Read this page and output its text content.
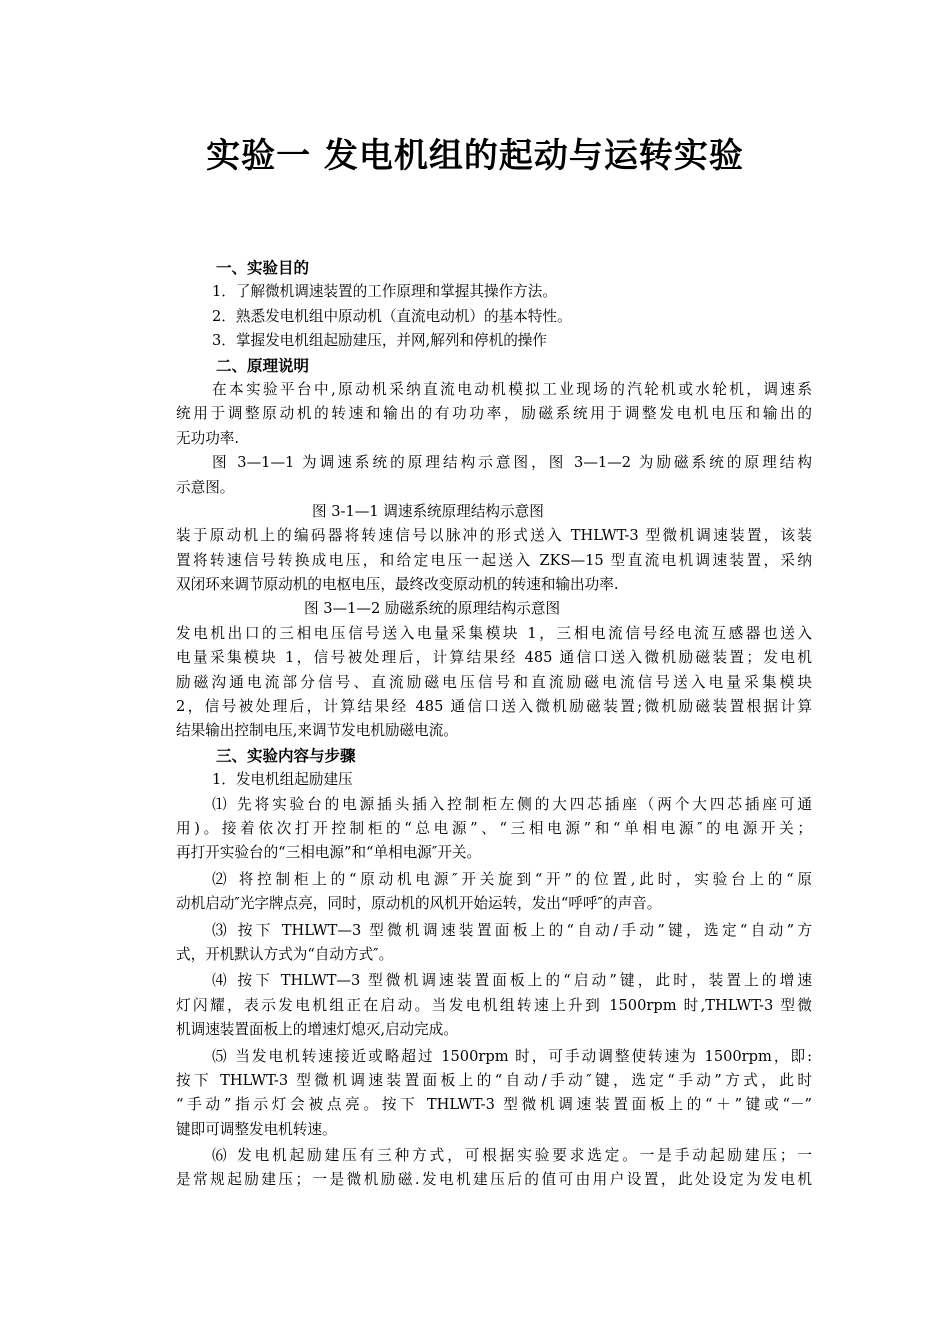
实验一 发电机组的起动与运转实验
一、实验目的
1．了解微机调速装置的工作原理和掌握其操作方法。
2．熟悉发电机组中原动机（直流电动机）的基本特性。
3．掌握发电机组起励建压，并网,解列和停机的操作
二、原理说明
在本实验平台中,原动机采纳直流电动机模拟工业现场的汽轮机或水轮机，调速系
统用于调整原动机的转速和输出的有功功率，励磁系统用于调整发电机电压和输出的
无功功率.
图 3—1—1 为调速系统的原理结构示意图，图 3—1—2 为励磁系统的原理结构
示意图。
图 3-1—1 调速系统原理结构示意图
装于原动机上的编码器将转速信号以脉冲的形式送入 THLWT-3 型微机调速装置，该装
置将转速信号转换成电压，和给定电压一起送入 ZKS—15 型直流电机调速装置，采纳
双闭环来调节原动机的电枢电压，最终改变原动机的转速和输出功率.
图 3—1—2 励磁系统的原理结构示意图
发电机出口的三相电压信号送入电量采集模块 1，三相电流信号经电流互感器也送入
电量采集模块 1，信号被处理后，计算结果经 485 通信口送入微机励磁装置；发电机
励磁沟通电流部分信号、直流励磁电压信号和直流励磁电流信号送入电量采集模块
2，信号被处理后，计算结果经 485 通信口送入微机励磁装置;微机励磁装置根据计算
结果输出控制电压,来调节发电机励磁电流。
三、实验内容与步骤
1．发电机组起励建压
⑴ 先将实验台的电源插头插入控制柜左侧的大四芯插座（两个大四芯插座可通
用)。接着依次打开控制柜的“总电源”、“三相电源”和“单相电源″的电源开关；
再打开实验台的“三相电源”和“单相电源″开关。
⑵ 将控制柜上的“原动机电源″开关旋到“开”的位置,此时，实验台上的“原
动机启动″光字牌点亮，同时，原动机的风机开始运转，发出“呼呼″的声音。
⑶ 按下 THLWT—3 型微机调速装置面板上的“自动/手动”键，选定“自动”方
式，开机默认方式为“自动方式″。
⑷ 按下 THLWT—3 型微机调速装置面板上的“启动”键，此时，装置上的增速
灯闪耀，表示发电机组正在启动。当发电机组转速上升到 1500rpm 时,THLWT-3 型微
机调速装置面板上的增速灯熄灭,启动完成。
⑸ 当发电机转速接近或略超过 1500rpm 时，可手动调整使转速为 1500rpm，即:
按下 THLWT-3 型微机调速装置面板上的“自动/手动″键，选定“手动”方式，此时
“手动”指示灯会被点亮。按下 THLWT-3 型微机调速装置面板上的“＋”键或“－”
键即可调整发电机转速。
⑹ 发电机起励建压有三种方式，可根据实验要求选定。一是手动起励建压；一
是常规起励建压；一是微机励磁.发电机建压后的值可由用户设置，此处设定为发电机
